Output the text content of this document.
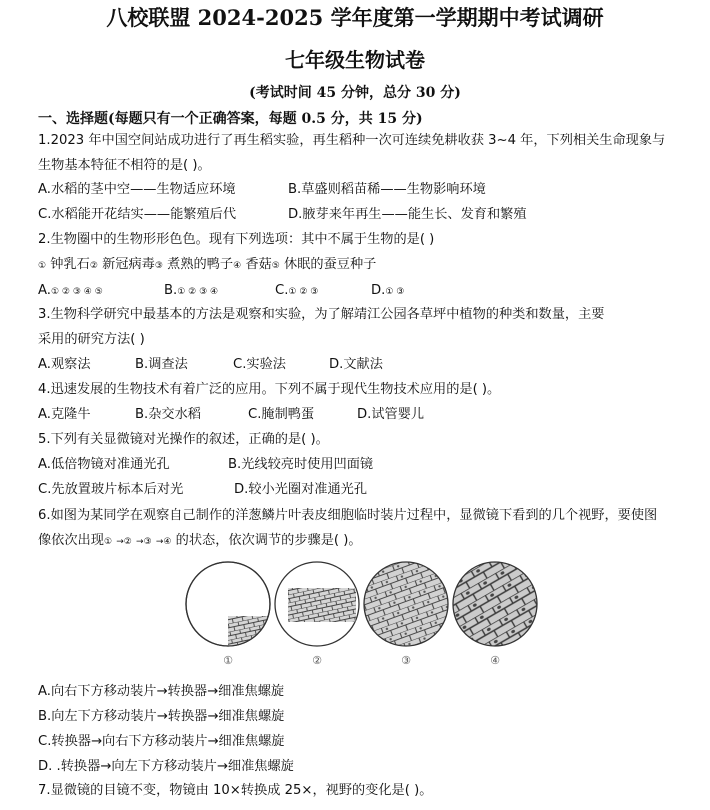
八校联盟 2024-2025 学年度第一学期期中考试调研
七年级生物试卷
(考试时间 45 分钟，总分 30 分)
一、选择题(每题只有一个正确答案，每题 0.5 分，共 15 分)
1.2023 年中国空间站成功进行了再生稻实验，再生稻种一次可连续免耕收获 3~4 年，下列相关生命现象与
生物基本特征不相符的是( )。
A.水稻的茎中空——生物适应环境	B.草盛则稻苗稀——生物影响环境
C.水稻能开花结实——能繁殖后代	D.腋芽来年再生——能生长、发育和繁殖
2.生物圈中的生物形形色色。现有下列选项：其中不属于生物的是( )
① 钟乳石② 新冠病毒③ 煮熟的鸭子④ 香菇⑤ 休眠的蚕豆种子
A.① ② ③ ④ ⑤	B.① ② ③ ④	C.① ② ③	D.① ③
3.生物科学研究中最基本的方法是观察和实验，为了解靖江公园各草坪中植物的种类和数量，主要
采用的研究方法( )
A.观察法	B.调查法	C.实验法	D.文献法
4.迅速发展的生物技术有着广泛的应用。下列不属于现代生物技术应用的是( )。
A.克隆牛	B.杂交水稻	C.腌制鸭蛋	D.试管婴儿
5.下列有关显微镜对光操作的叙述，正确的是( )。
A.低倍物镜对准通光孔	B.光线较亮时使用凹面镜
C.先放置玻片标本后对光	D.较小光圈对准通光孔
6.如图为某同学在观察自己制作的洋葱鳞片叶表皮细胞临时装片过程中，显微镜下看到的几个视野，要使图
像依次出现① →② →③ →④ 的状态，依次调节的步骤是( )。
①	②	③	④
A.向右下方移动装片→转换器→细准焦螺旋
B.向左下方移动装片→转换器→细准焦螺旋
C.转换器→向右下方移动装片→细准焦螺旋
D. .转换器→向左下方移动装片→细准焦螺旋
7.显微镜的目镜不变，物镜由 10×转换成 25×，视野的变化是( )。
